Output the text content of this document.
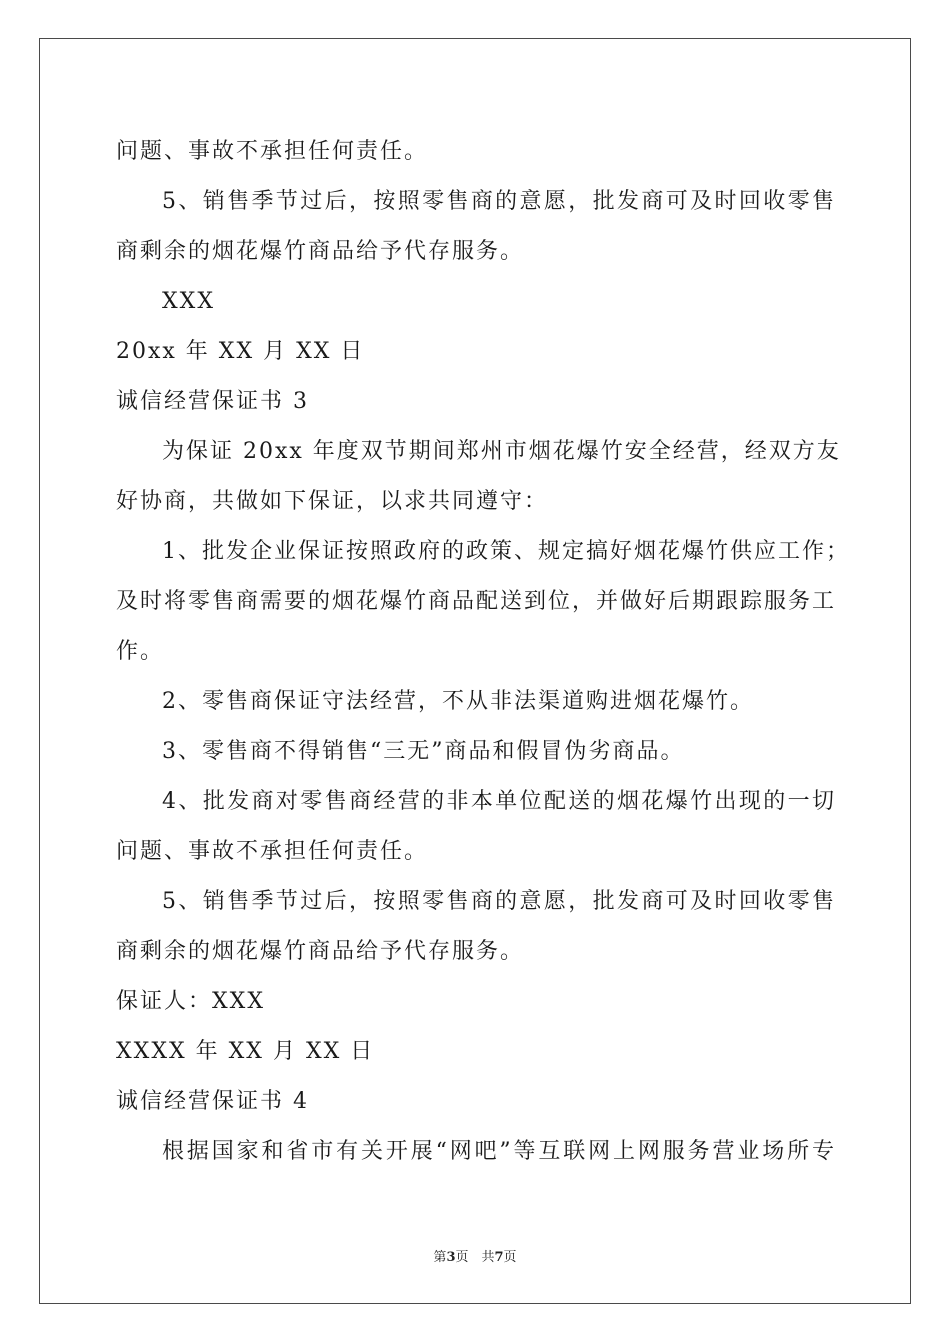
问题、事故不承担任何责任。
5、销售季节过后，按照零售商的意愿，批发商可及时回收零售
商剩余的烟花爆竹商品给予代存服务。
XXX
20xx 年 XX 月 XX 日
诚信经营保证书 3
为保证 20xx 年度双节期间郑州市烟花爆竹安全经营，经双方友
好协商，共做如下保证，以求共同遵守：
1、批发企业保证按照政府的政策、规定搞好烟花爆竹供应工作；
及时将零售商需要的烟花爆竹商品配送到位，并做好后期跟踪服务工
作。
2、零售商保证守法经营，不从非法渠道购进烟花爆竹。
3、零售商不得销售“三无”商品和假冒伪劣商品。
4、批发商对零售商经营的非本单位配送的烟花爆竹出现的一切
问题、事故不承担任何责任。
5、销售季节过后，按照零售商的意愿，批发商可及时回收零售
商剩余的烟花爆竹商品给予代存服务。
保证人：XXX
XXXX 年 XX 月 XX 日
诚信经营保证书 4
根据国家和省市有关开展“网吧”等互联网上网服务营业场所专
第3页　共7页
